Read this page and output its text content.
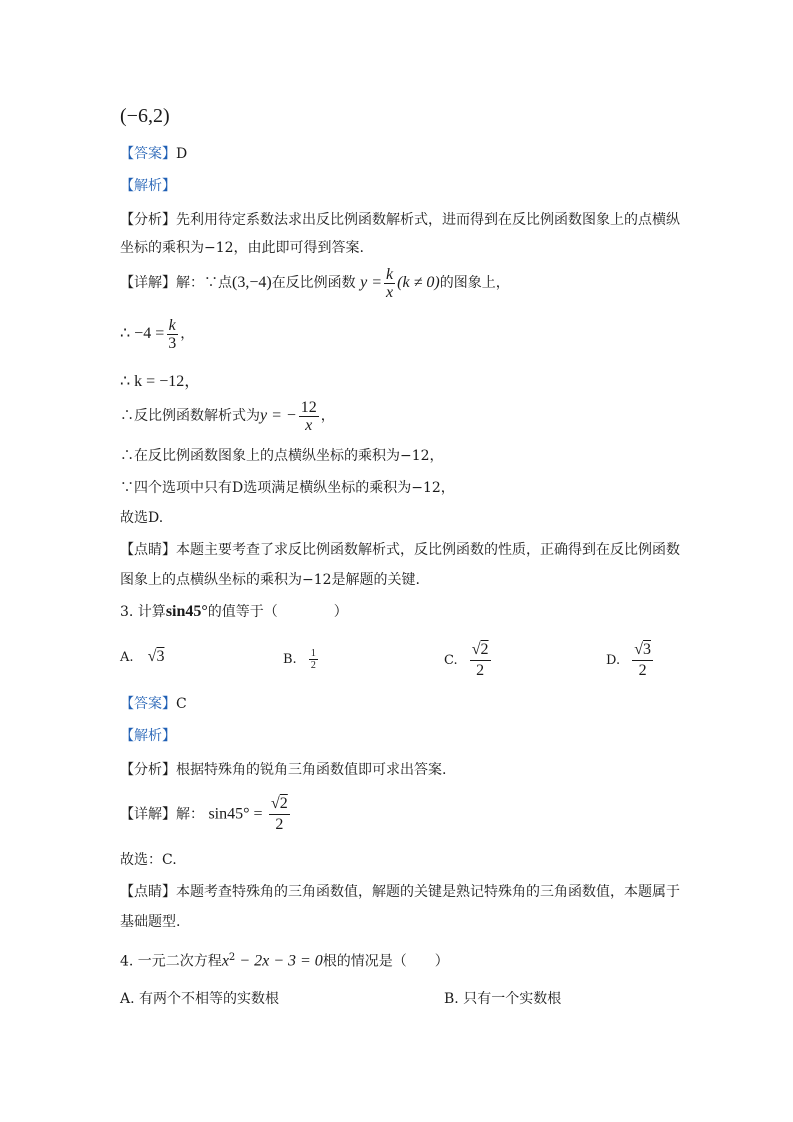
(−6,2)
【答案】D
【解析】
【分析】先利用待定系数法求出反比例函数解析式，进而得到在反比例函数图象上的点横纵
坐标的乘积为−12，由此即可得到答案.
【详解】解：∵点(3,−4)在反比例函数 $y = \frac{k}{x} (k \ne 0)$的图象上，
∴ $-4 = \frac{k}{3}$ ，
∴ k = −12，
∴反比例函数解析式为y = − $\frac{12}{x}$ ，
∴在反比例函数图象上的点横纵坐标的乘积为−12，
∵四个选项中只有D选项满足横纵坐标的乘积为−12，
故选D.
【点睛】本题主要考查了求反比例函数解析式，反比例函数的性质，正确得到在反比例函数
图象上的点横纵坐标的乘积为−12是解题的关键.
3. 计算sin45°的值等于（　　　　）
A. √3	B. $\frac{1}{2}$	C. $\frac{√2}{2}$	D. $\frac{√3}{2}$
【答案】C
【解析】
【分析】根据特殊角的锐角三角函数值即可求出答案.
【详解】解： $\sin 45^\circ = \frac{√2}{2}$
故选：C.
【点睛】本题考查特殊角的三角函数值，解题的关键是熟记特殊角的三角函数值，本题属于
基础题型.
4. 一元二次方程$x^2 - 2x - 3 = 0$根的情况是（　　）
A. 有两个不相等的实数根	B. 只有一个实数根
